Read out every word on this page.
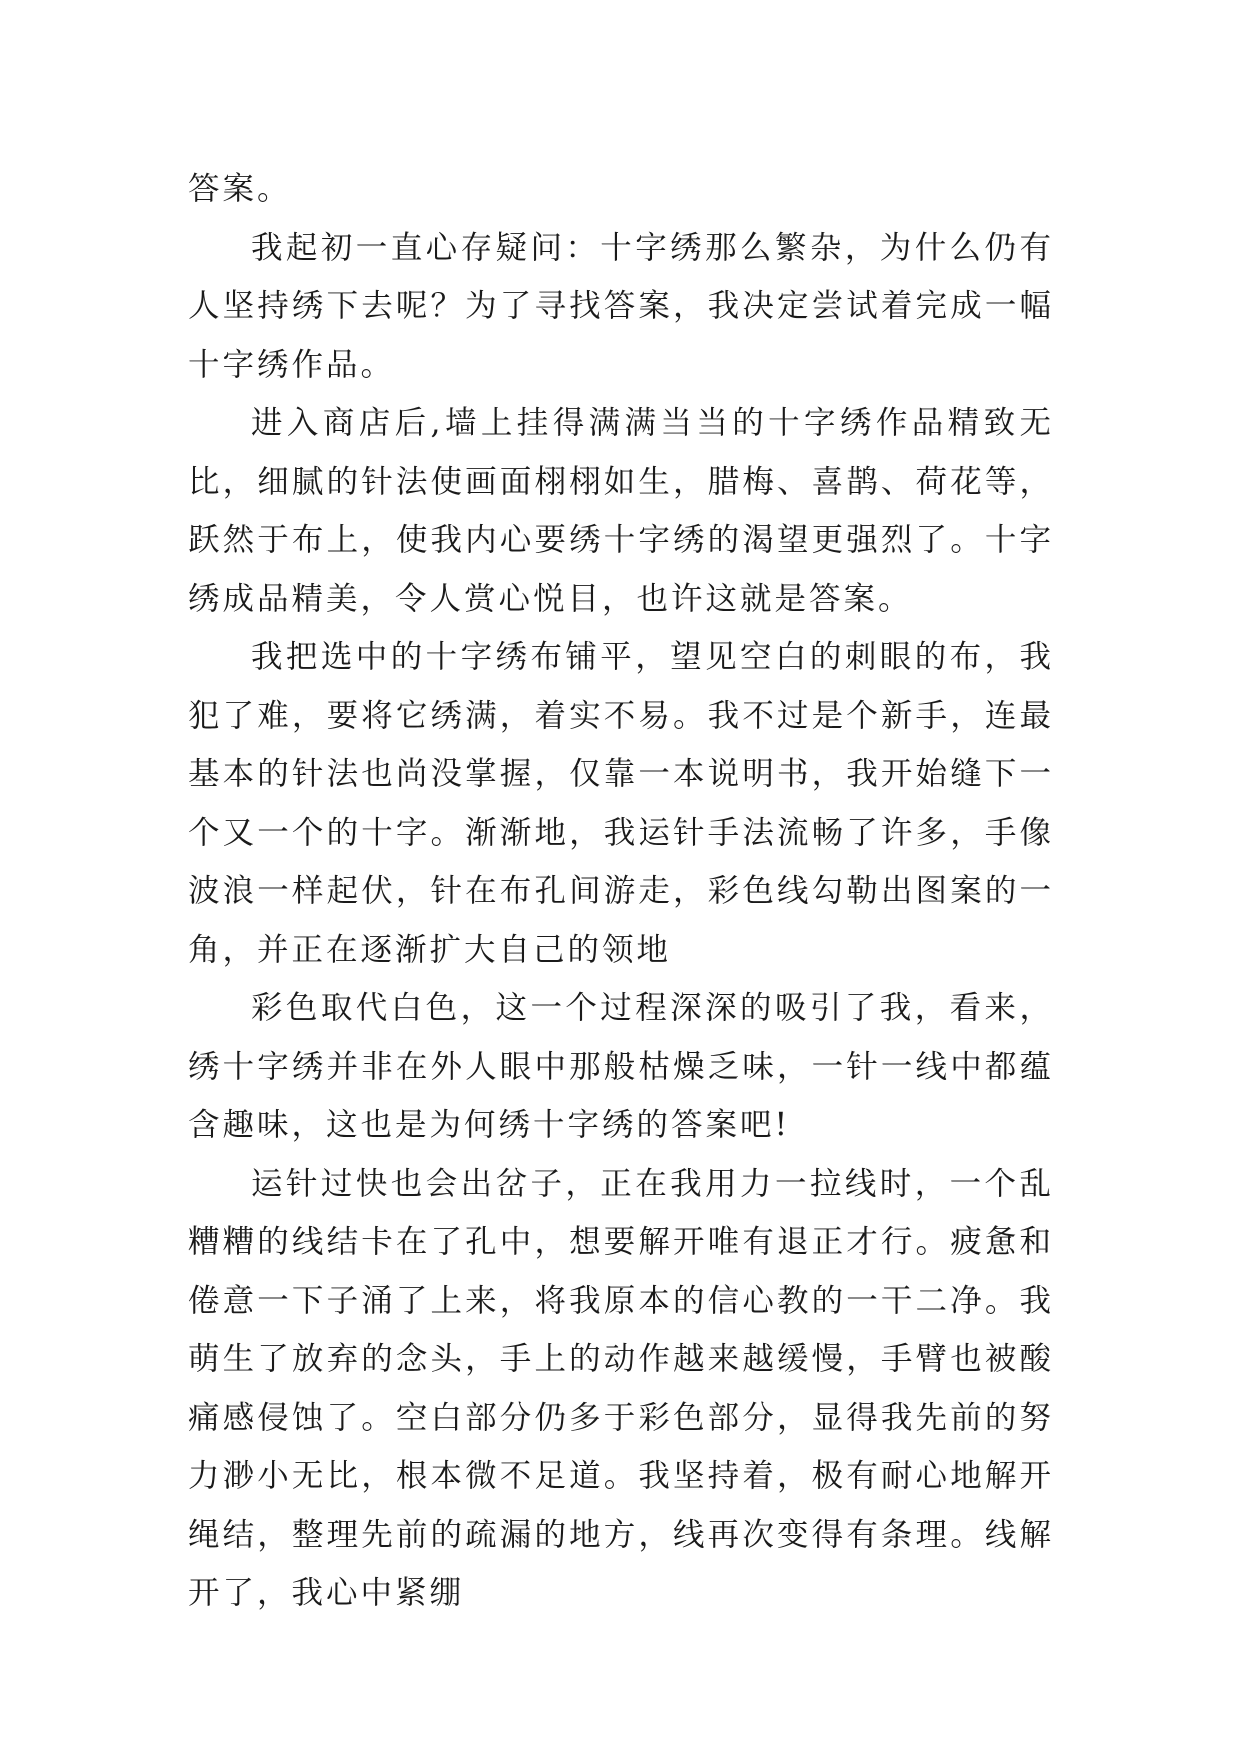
答案。

我起初一直心存疑问：十字绣那么繁杂，为什么仍有人坚持绣下去呢？为了寻找答案，我决定尝试着完成一幅十字绣作品。

进入商店后,墙上挂得满满当当的十字绣作品精致无比，细腻的针法使画面栩栩如生，腊梅、喜鹊、荷花等，跃然于布上，使我内心要绣十字绣的渴望更强烈了。十字绣成品精美，令人赏心悦目，也许这就是答案。

我把选中的十字绣布铺平，望见空白的刺眼的布，我犯了难，要将它绣满，着实不易。我不过是个新手，连最基本的针法也尚没掌握，仅靠一本说明书，我开始缝下一个又一个的十字。渐渐地，我运针手法流畅了许多，手像波浪一样起伏，针在布孔间游走，彩色线勾勒出图案的一角，并正在逐渐扩大自己的领地

彩色取代白色，这一个过程深深的吸引了我，看来，绣十字绣并非在外人眼中那般枯燥乏味，一针一线中都蕴含趣味，这也是为何绣十字绣的答案吧!

运针过快也会出岔子，正在我用力一拉线时，一个乱糟糟的线结卡在了孔中，想要解开唯有退正才行。疲惫和倦意一下子涌了上来，将我原本的信心教的一干二净。我萌生了放弃的念头，手上的动作越来越缓慢，手臂也被酸痛感侵蚀了。空白部分仍多于彩色部分，显得我先前的努力渺小无比，根本微不足道。我坚持着，极有耐心地解开绳结，整理先前的疏漏的地方，线再次变得有条理。线解开了，我心中紧绷
